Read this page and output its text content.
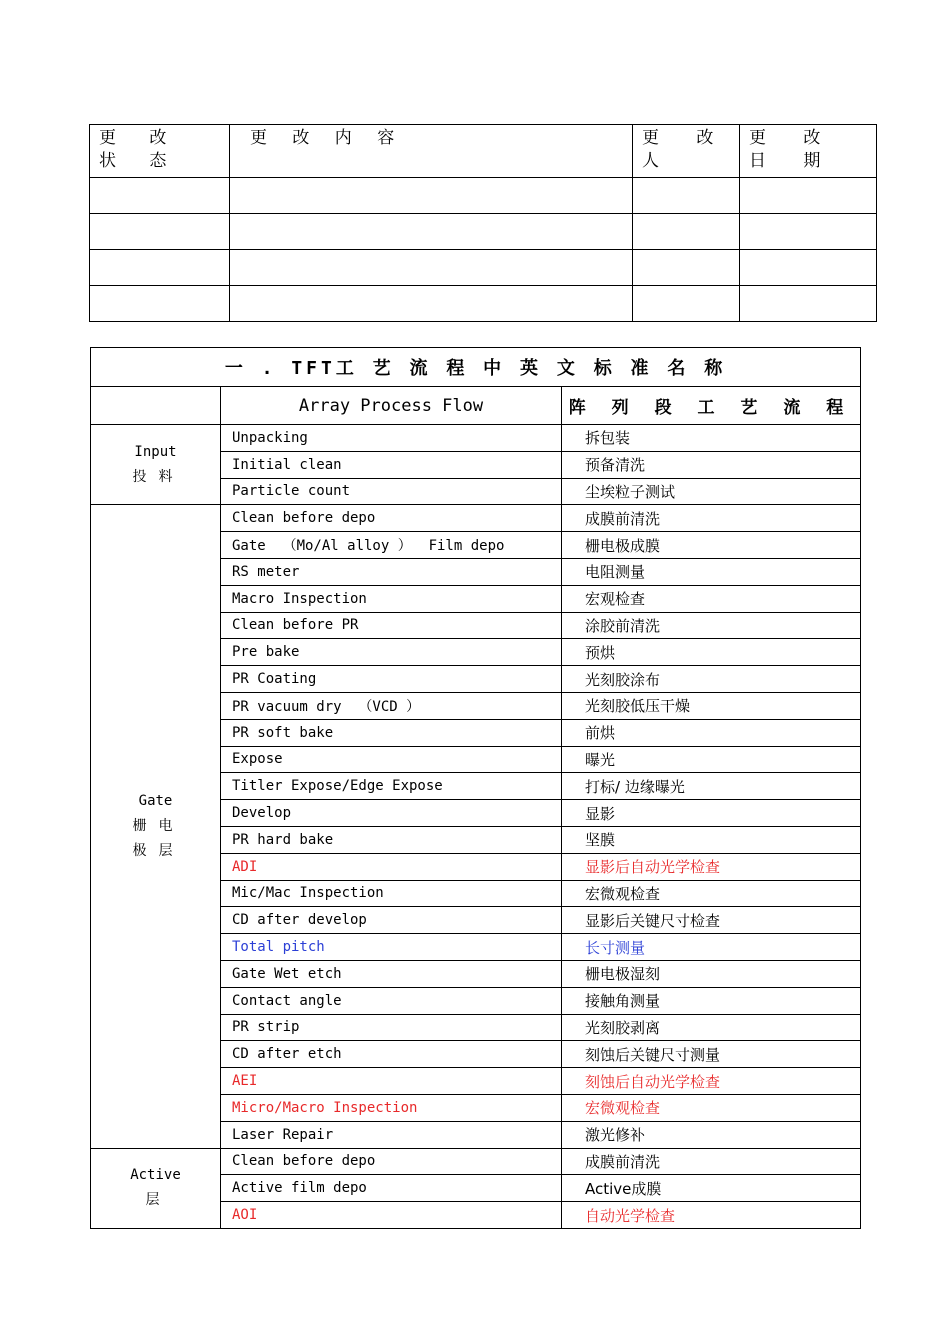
更 改 状 态	更 改 内 容	更 改 人	更 改 日 期

一 . TFT工 艺 流 程 中 英 文 标 准 名 称		
	Array Process Flow	阵 列 段 工 艺 流 程

Input
投料	Unpacking	拆包装
	Initial clean	预备清洗
	Particle count	尘埃粒子测试

Gate
栅电
极层	Clean before depo	成膜前清洗
	Gate  （Mo/Al alloy ）  Film depo	栅电极成膜
	RS meter	电阻测量
	Macro Inspection	宏观检查
	Clean before PR	涂胶前清洗
	Pre bake	预烘
	PR Coating	光刻胶涂布
	PR vacuum dry  （VCD ）	光刻胶低压干燥
	PR soft bake	前烘
	Expose	曝光
	Titler Expose/Edge Expose	打标/ 边缘曝光
	Develop	显影
	PR hard bake	坚膜
	ADI	显影后自动光学检查
	Mic/Mac Inspection	宏微观检查
	CD after develop	显影后关键尺寸检查
	Total pitch	长寸测量
	Gate Wet etch	栅电极湿刻
	Contact angle	接触角测量
	PR strip	光刻胶剥离
	CD after etch	刻蚀后关键尺寸测量
	AEI	刻蚀后自动光学检查
	Micro/Macro Inspection	宏微观检查
	Laser Repair	激光修补

Active
层	Clean before depo	成膜前清洗
	Active film depo	Active成膜
	AOI	自动光学检查
